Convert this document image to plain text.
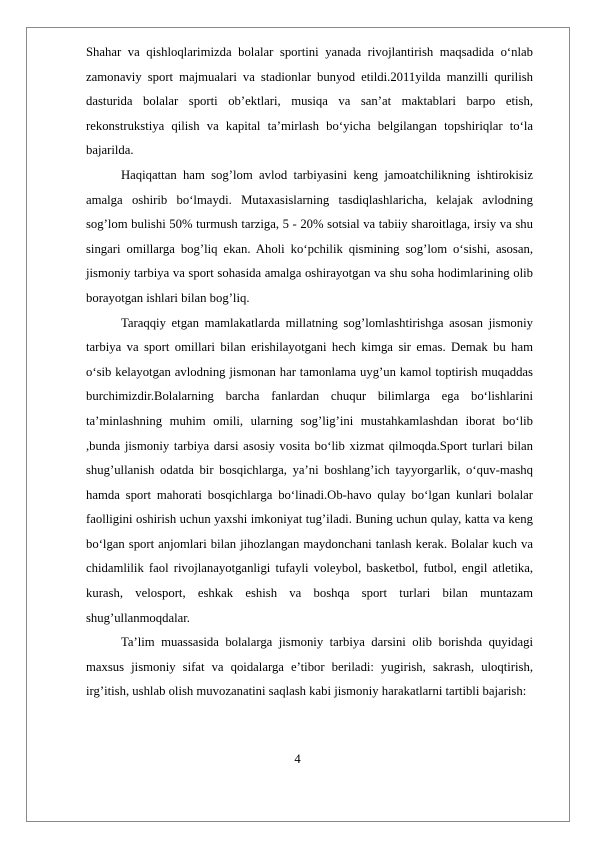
Shahar va qishloqlarimizda bolalar sportini yanada rivojlantirish maqsadida o‘nlab zamonaviy sport majmualari va stadionlar bunyod etildi.2011yilda manzilli qurilish dasturida bolalar sporti ob’ektlari, musiqa va san’at maktablari barpo etish, rekonstrukstiya qilish va kapital ta’mirlash bo‘yicha belgilangan topshiriqlar to‘la bajarilda.

Haqiqattan ham sog’lom avlod tarbiyasini keng jamoatchilikning ishtirokisiz amalga oshirib bo‘lmaydi. Mutaxasislarning tasdiqlashlaricha, kelajak avlodning sog’lom bulishi 50% turmush tarziga, 5 - 20% sotsial va tabiiy sharoitlaga, irsiy va shu singari omillarga bog’liq ekan. Aholi ko‘pchilik qismining sog’lom o‘sishi, asosan, jismoniy tarbiya va sport sohasida amalga oshirayotgan va shu soha hodimlarining olib borayotgan ishlari bilan bog’liq.

Taraqqiy etgan mamlakatlarda millatning sog’lomlashtirishga asosan jismoniy tarbiya va sport omillari bilan erishilayotgani hech kimga sir emas. Demak bu ham o‘sib kelayotgan avlodning jismonan har tamonlama uyg’un kamol toptirish muqaddas burchimizdir.Bolalarning barcha fanlardan chuqur bilimlarga ega bo‘lishlarini ta’minlashning muhim omili, ularning sog’lig’ini mustahkamlashdan iborat bo‘lib ,bunda jismoniy tarbiya darsi asosiy vosita bo‘lib xizmat qilmoqda.Sport turlari bilan shug’ullanish odatda bir bosqichlarga, ya’ni boshlang’ich tayyorgarlik, o‘quv-mashq hamda sport mahorati bosqichlarga bo‘linadi.Ob-havo qulay bo‘lgan kunlari bolalar faolligini oshirish uchun yaxshi imkoniyat tug’iladi. Buning uchun qulay, katta va keng bo‘lgan sport anjomlari bilan jihozlangan maydonchani tanlash kerak. Bolalar kuch va chidamlilik faol rivojlanayotganligi tufayli voleybol, basketbol, futbol, engil atletika, kurash, velosport, eshkak eshish va boshqa sport turlari bilan muntazam shug’ullanmoqdalar.

Ta’lim muassasida bolalarga jismoniy tarbiya darsini olib borishda quyidagi maxsus jismoniy sifat va qoidalarga e’tibor beriladi: yugirish, sakrash, uloqtirish, irg’itish, ushlab olish muvozanatini saqlash kabi jismoniy harakatlarni tartibli bajarish:

4
